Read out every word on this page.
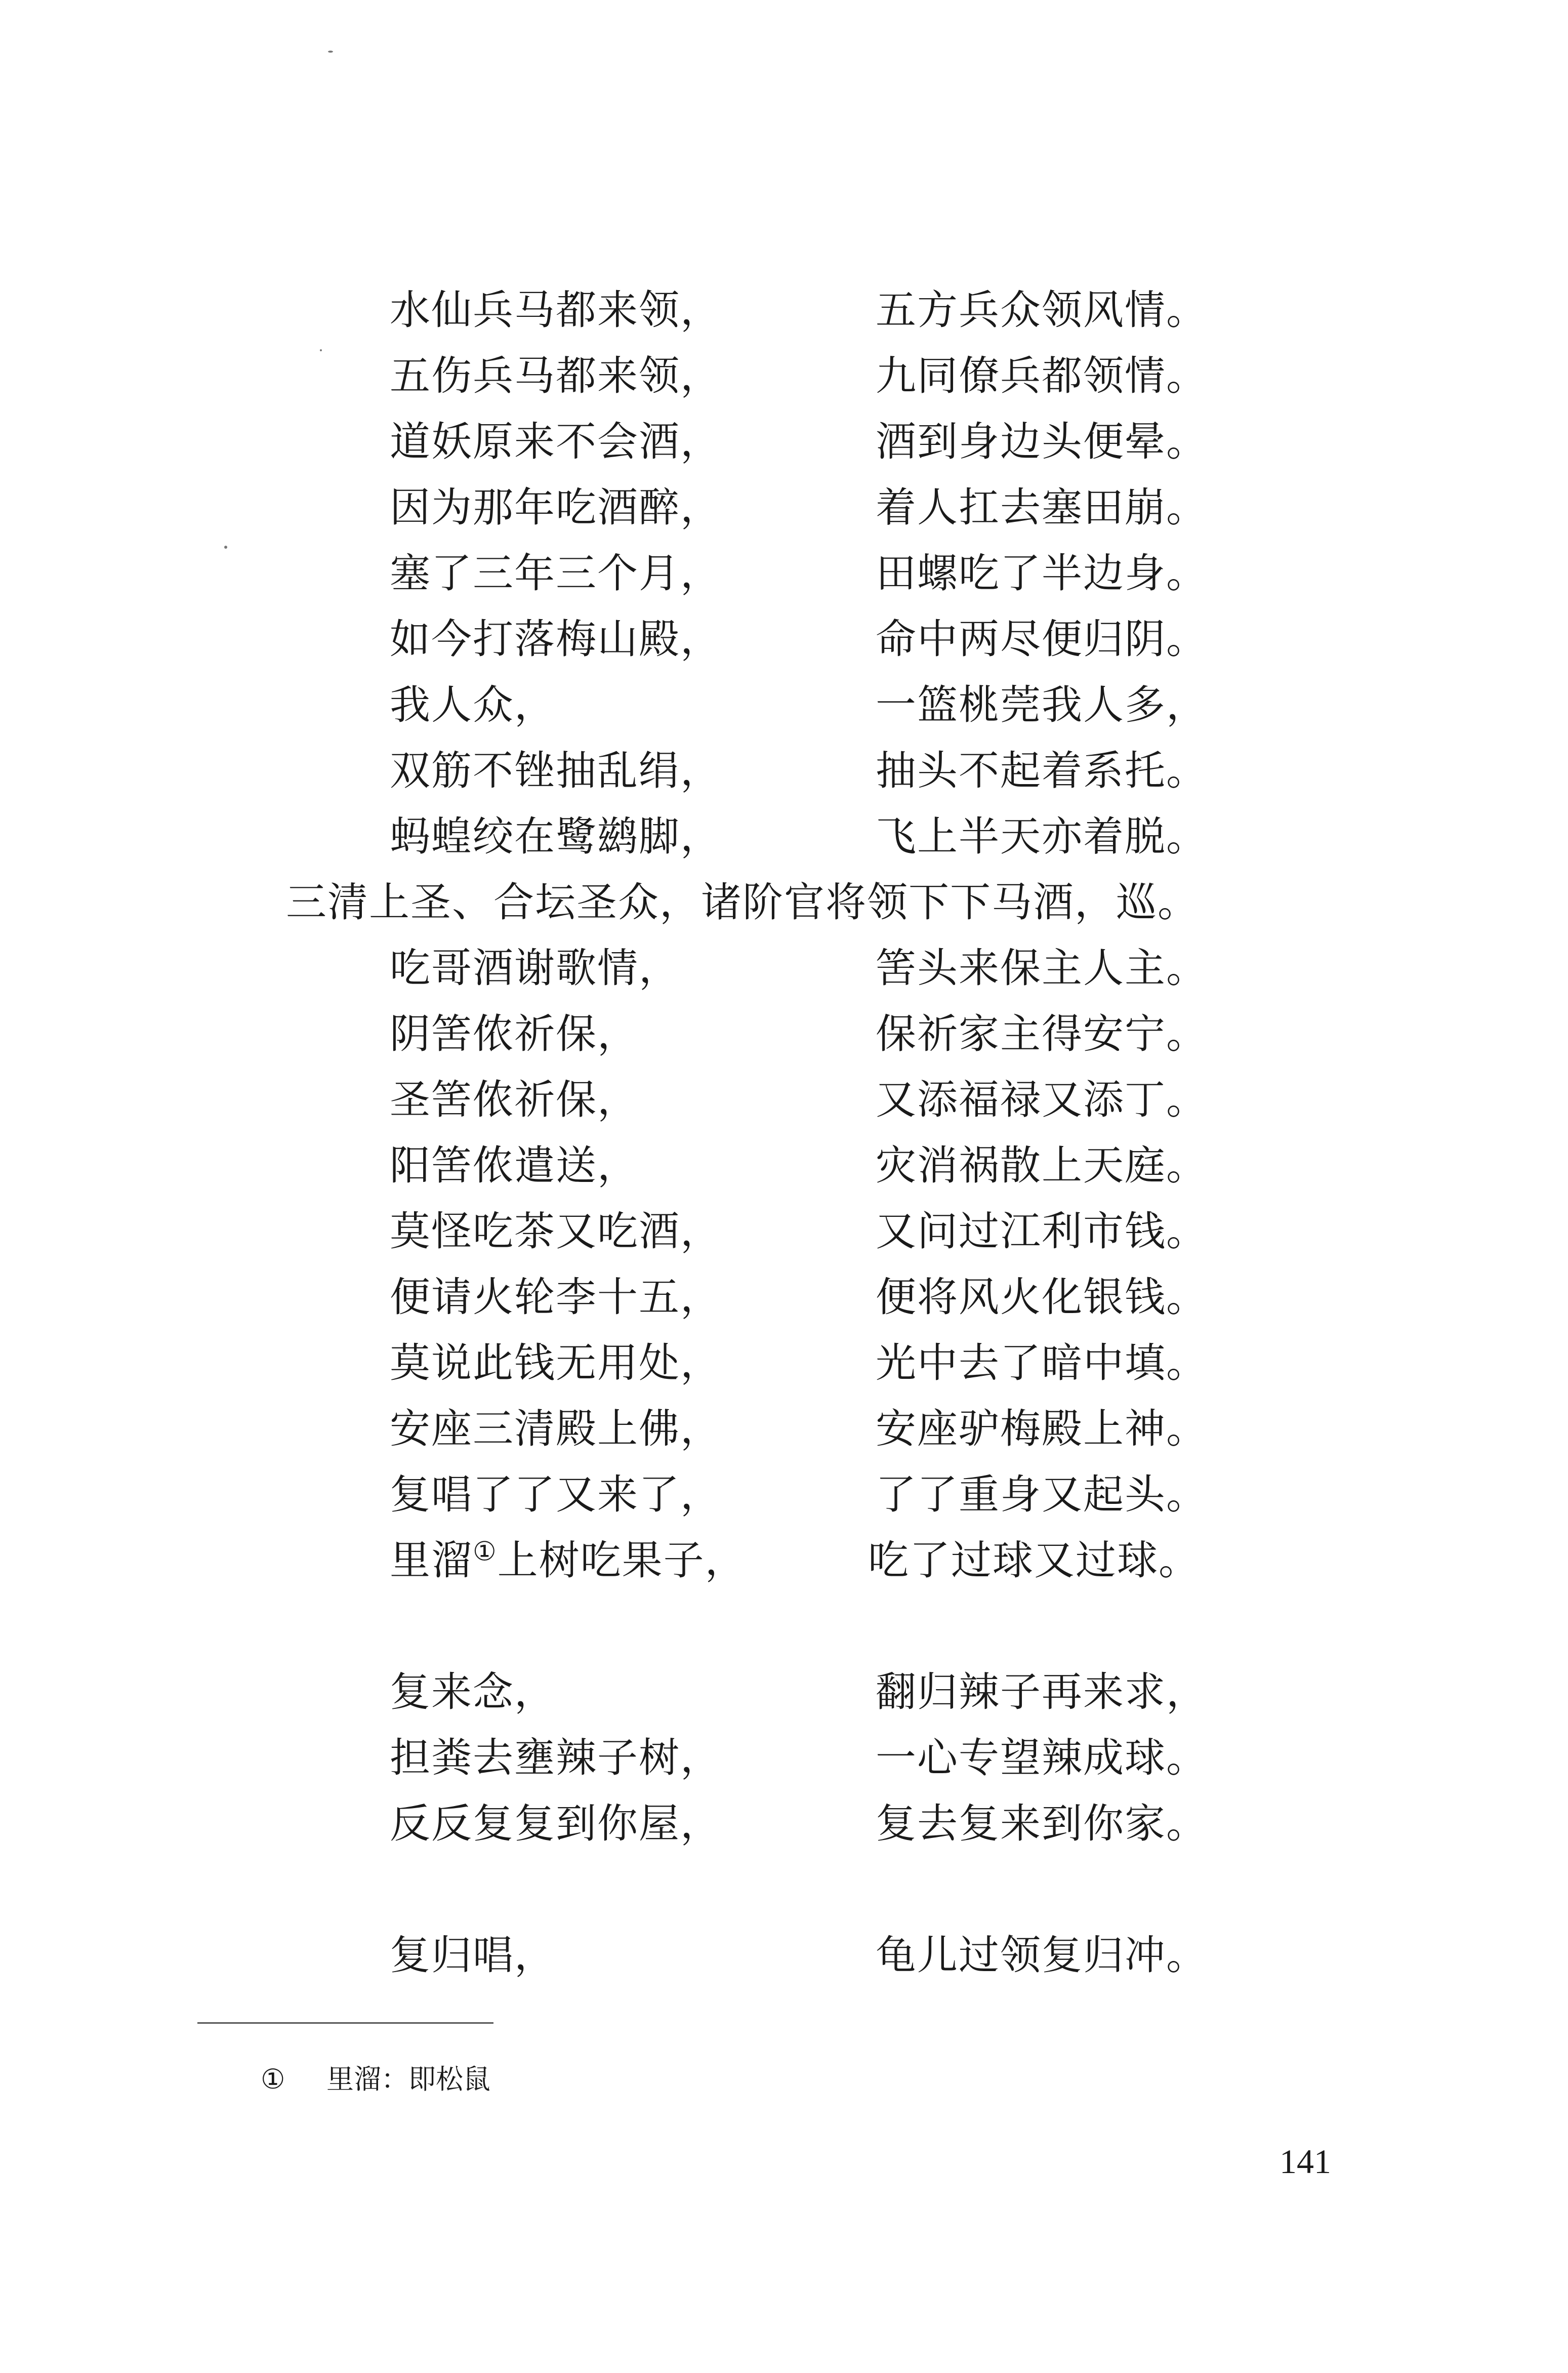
水仙兵马都来领，	五方兵众领风情。
五伤兵马都来领，	九同僚兵都领情。
道妖原来不会酒，	酒到身边头便晕。
因为那年吃酒醉，	着人扛去塞田崩。
塞了三年三个月，	田螺吃了半边身。
如今打落梅山殿，	命中两尽便归阴。
我人众，	一篮桃莞我人多，
双筋不锉抽乱绢，	抽头不起着系托。
蚂蝗绞在鹭鹚脚，	飞上半天亦着脱。
三清上圣、合坛圣众，诸阶官将领下下马酒，巡。
吃哥酒谢歌情，	筈头来保主人主。
阴筈侬祈保，	保祈家主得安宁。
圣筈侬祈保，	又添福禄又添丁。
阳筈侬遣送，	灾消祸散上天庭。
莫怪吃茶又吃酒，	又问过江利市钱。
便请火轮李十五，	便将风火化银钱。
莫说此钱无用处，	光中去了暗中填。
安座三清殿上佛，	安座驴梅殿上神。
复唱了了又来了，	了了重身又起头。
里溜①上树吃果子，	吃了过球又过球。
复来念，	翻归辣子再来求，
担粪去壅辣子树，	一心专望辣成球。
反反复复到你屋，	复去复来到你家。
复归唱，	龟儿过领复归冲。
① 里溜：即松鼠
141
